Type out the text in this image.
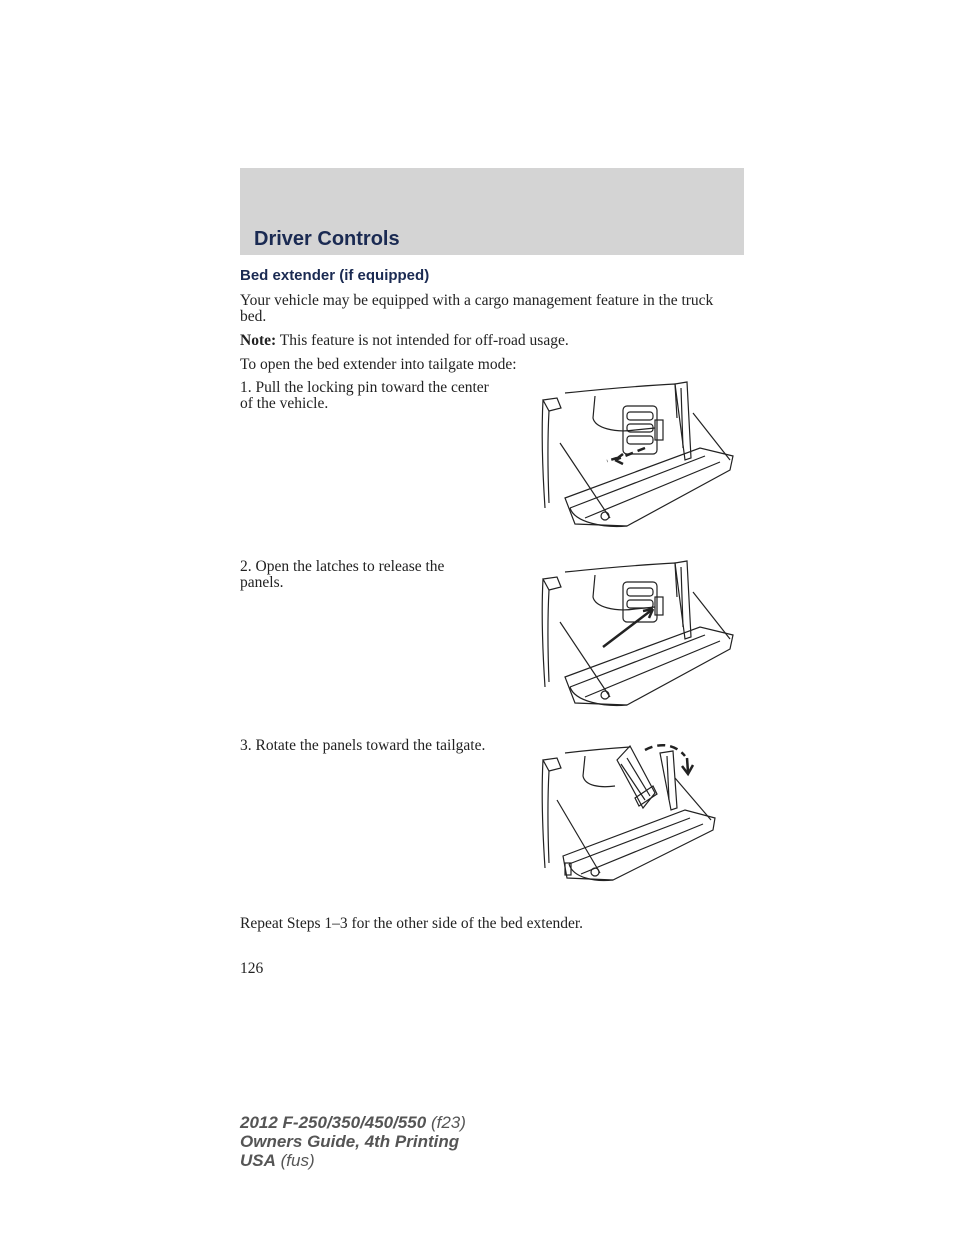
Driver Controls
Bed extender (if equipped)
Your vehicle may be equipped with a cargo management feature in the truck bed.
Note: This feature is not intended for off-road usage.
To open the bed extender into tailgate mode:
1. Pull the locking pin toward the center of the vehicle.
2. Open the latches to release the panels.
3. Rotate the panels toward the tailgate.
Repeat Steps 1–3 for the other side of the bed extender.
126
2012 F-250/350/450/550 (f23)
Owners Guide, 4th Printing
USA (fus)
